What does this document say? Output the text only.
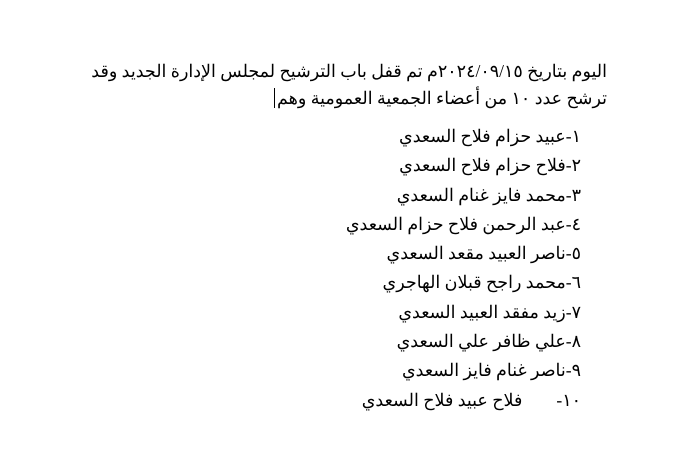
اليوم بتاريخ ٢٠٢٤/٠٩/١٥م تم قفل باب الترشيح لمجلس الإدارة الجديد وقد
ترشح عدد ١٠ من أعضاء الجمعية العمومية وهم

١-عبيد حزام فلاح السعدي
٢-فلاح حزام فلاح السعدي
٣-محمد فايز غنام السعدي
٤-عبد الرحمن فلاح حزام السعدي
٥-ناصر العبيد مقعد السعدي
٦-محمد راجح قبلان الهاجري
٧-زيد مفقد العبيد السعدي
٨-علي ظافر علي السعدي
٩-ناصر غنام فايز السعدي
١٠-فلاح عبيد فلاح السعدي
